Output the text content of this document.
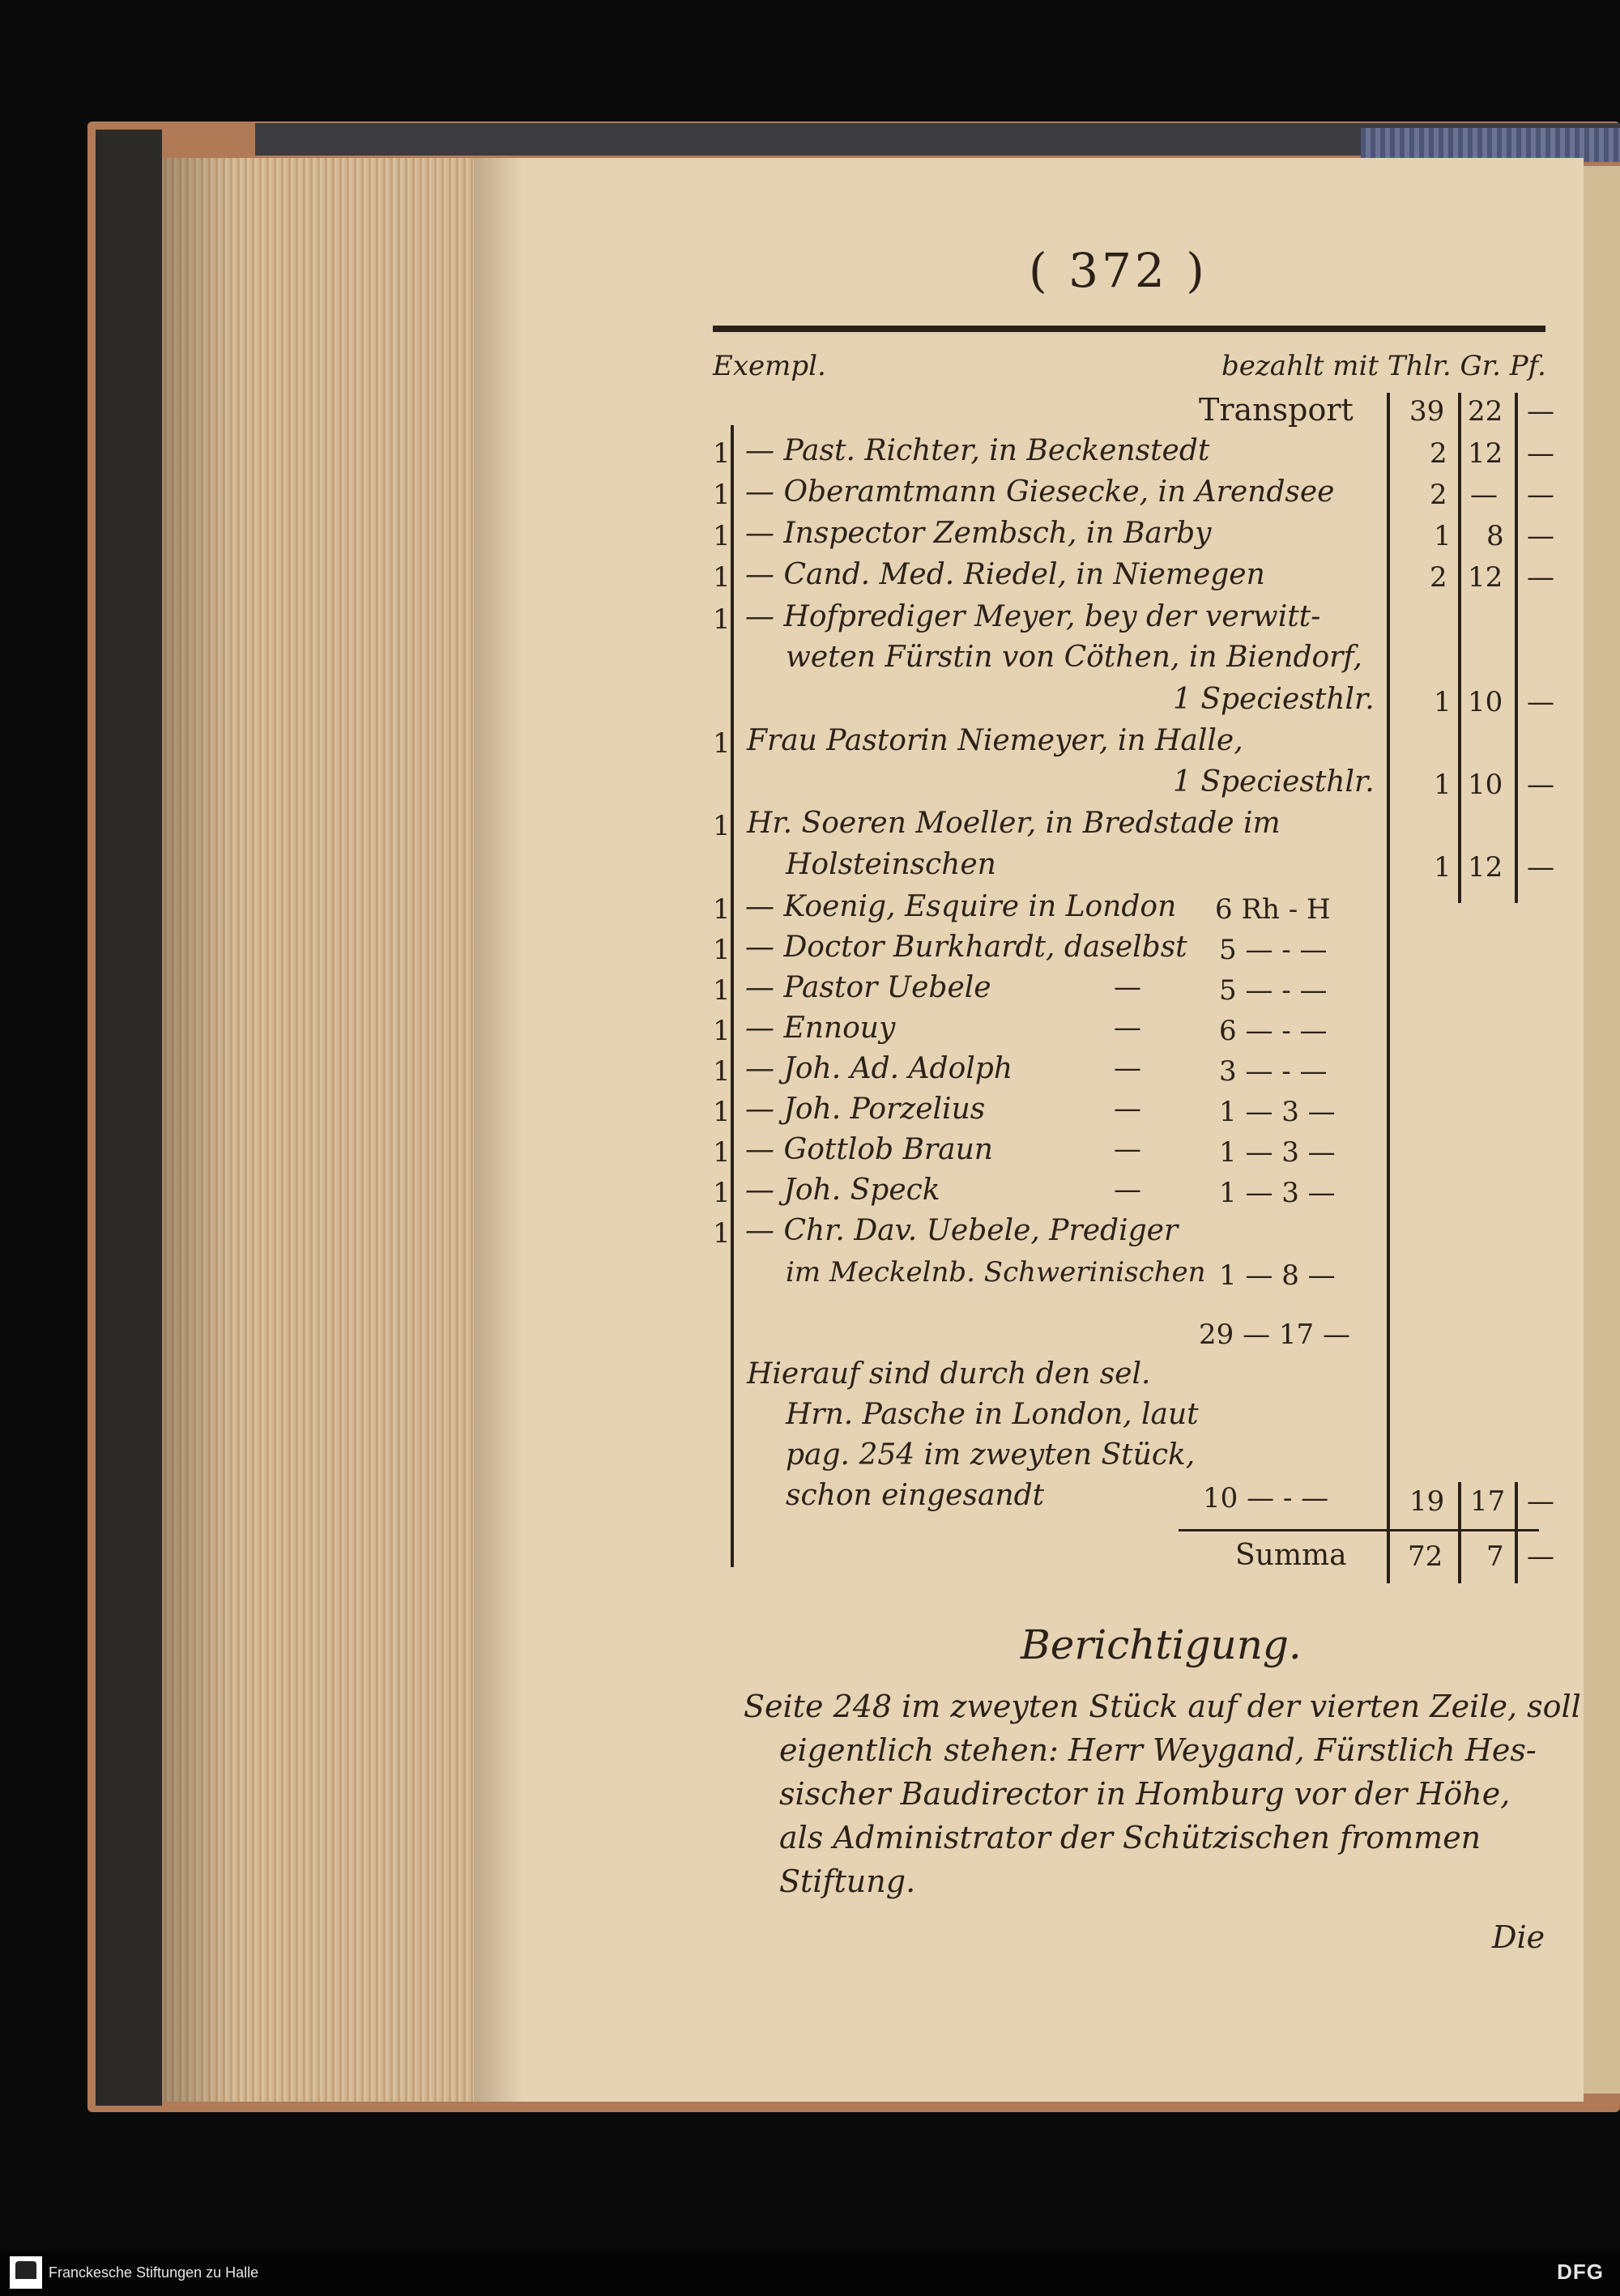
( 372 )
Exempl.	bezahlt mit Thlr. Gr. Pf.
Transport 39 22 —
1 — Past. Richter, in Beckenstedt	2 12 —
1 — Oberamtmann Giesecke, in Arendsee	2 — —
1 — Inspector Zembsch, in Barby	1 8 —
1 — Cand. Med. Riedel, in Niemegen	2 12 —
1 — Hofprediger Meyer, bey der verwitt-
weten Fürstin von Cöthen, in Biendorf,
1 Speciesthlr. 1 10 —
1 Frau Pastorin Niemeyer, in Halle,
1 Speciesthlr. 1 10 —
1 Hr. Soeren Moeller, in Bredstade im
Holsteinschen	1 12 —
1 — Koenig, Esquire in London 6 Rh - H
1 — Doctor Burkhardt, daselbst 5 — - —
1 — Pastor Uebele	—	5 — - —
1 — Ennouy	—	6 — - —
1 — Joh. Ad. Adolph	—	3 — - —
1 — Joh. Porzelius	—	1 — 3 —
1 — Gottlob Braun	—	1 — 3 —
1 — Joh. Speck	—	1 — 3 —
1 — Chr. Dav. Uebele, Prediger
im Meckelnb. Schwerinischen 1 — 8 —
29 — 17 —
Hierauf sind durch den sel.
Hrn. Pasche in London, laut
pag. 254 im zweyten Stück,
schon eingesandt	10 — - —	19 17 —
Summa 72 7 —
Berichtigung.
Seite 248 im zweyten Stück auf der vierten Zeile, soll
eigentlich stehen: Herr Weygand, Fürstlich Hes-
sischer Baudirector in Homburg vor der Höhe,
als Administrator der Schützischen frommen
Stiftung.
Die
Franckesche Stiftungen zu Halle	DFG
